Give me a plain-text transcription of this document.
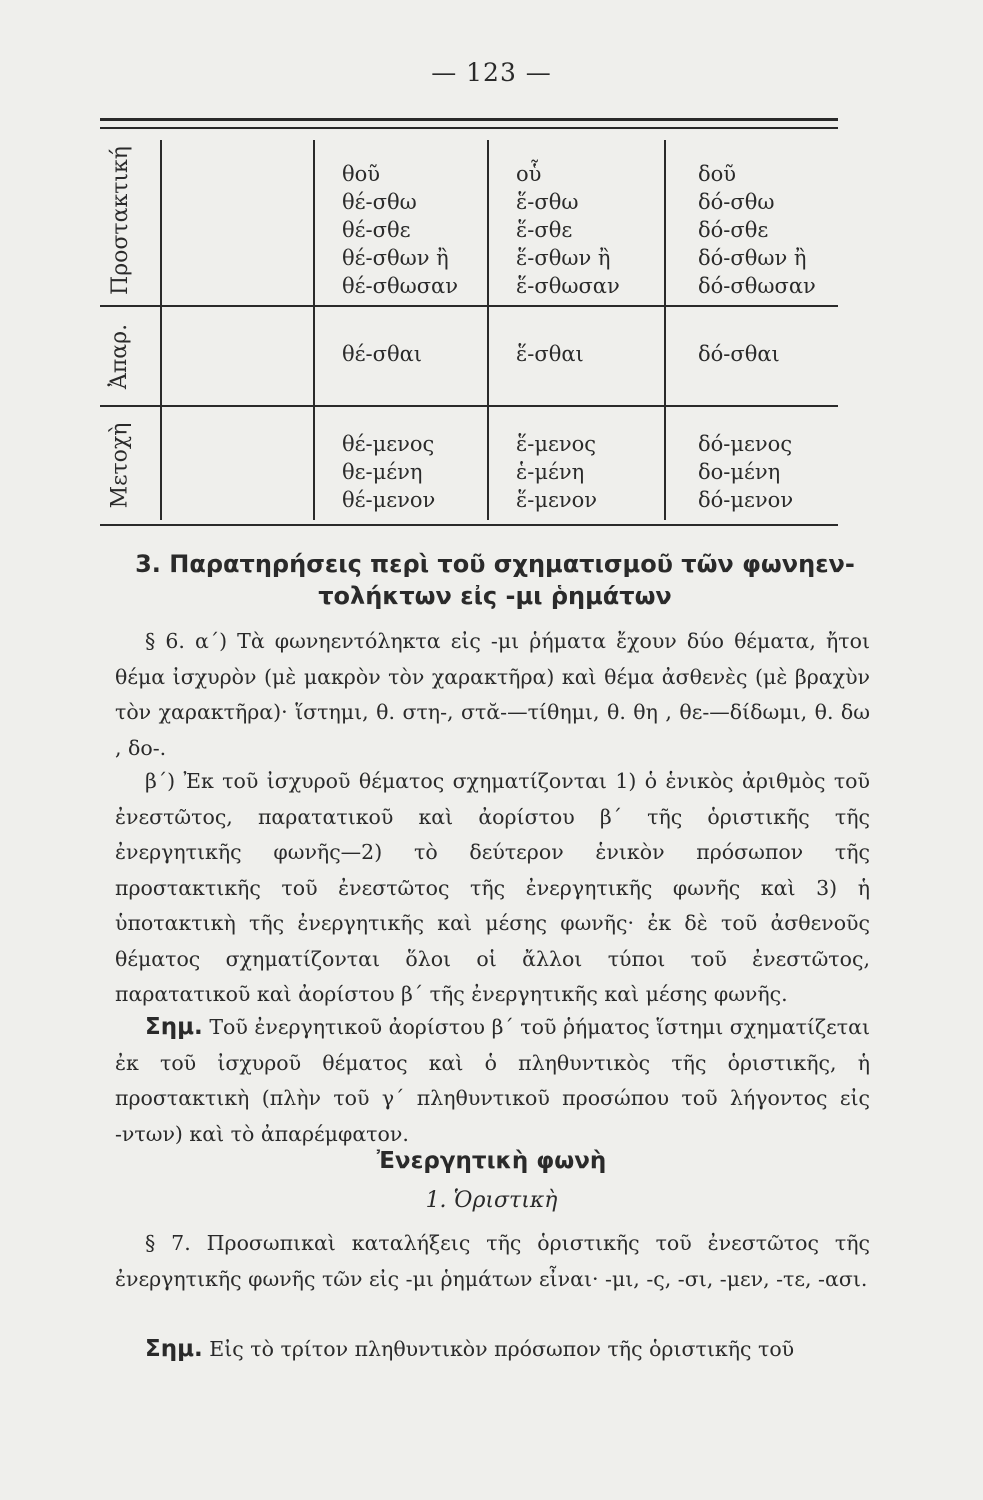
— 123 —
Προστακτική
Ἀπαρ.
Μετοχὴ
θοῦ
θέ-σθω
θέ-σθε
θέ-σθων ἢ
θέ-σθωσαν
οὗ
ἕ-σθω
ἕ-σθε
ἕ-σθων ἢ
ἕ-σθωσαν
δοῦ
δό-σθω
δό-σθε
δό-σθων ἢ
δό-σθωσαν
θέ-σθαι	ἕ-σθαι	δό-σθαι
θέ-μενος
θε-μένη
θέ-μενον
ἕ-μενος
ἑ-μένη
ἕ-μενον
δό-μενος
δο-μένη
δό-μενον
3. Παρατηρήσεις περὶ τοῦ σχηματισμοῦ τῶν φωνηεν-
τολήκτων εἰς -μι ῥημάτων
§ 6. α΄) Τὰ φωνηεντόληκτα εἰς -μι ῥήματα ἔχουν δύο θέματα, ἤτοι θέμα ἰσχυρὸν (μὲ μακρὸν τὸν χαρακτῆρα) καὶ θέμα ἀσθενὲς (μὲ βραχὺν τὸν χαρακτῆρα)· ἵστημι, θ. στη-, στᾰ-—τίθημι, θ. θη , θε-—δίδωμι, θ. δω , δο-.
β΄) Ἐκ τοῦ ἰσχυροῦ θέματος σχηματίζονται 1) ὁ ἑνικὸς ἀριθμὸς τοῦ ἐνεστῶτος, παρατατικοῦ καὶ ἀορίστου β΄ τῆς ὁριστικῆς τῆς ἐνεργητικῆς φωνῆς—2) τὸ δεύτερον ἑνικὸν πρόσωπον τῆς προστακτικῆς τοῦ ἐνεστῶτος τῆς ἐνεργητικῆς φωνῆς καὶ 3) ἡ ὑποτακτικὴ τῆς ἐνεργητικῆς καὶ μέσης φωνῆς· ἐκ δὲ τοῦ ἀσθενοῦς θέματος σχηματίζονται ὅλοι οἱ ἄλλοι τύποι τοῦ ἐνεστῶτος, παρατατικοῦ καὶ ἀορίστου β΄ τῆς ἐνεργητικῆς καὶ μέσης φωνῆς.
Σημ. Τοῦ ἐνεργητικοῦ ἀορίστου β΄ τοῦ ῥήματος ἵστημι σχηματίζεται ἐκ τοῦ ἰσχυροῦ θέματος καὶ ὁ πληθυντικὸς τῆς ὁριστικῆς, ἡ προστακτικὴ (πλὴν τοῦ γ΄ πληθυντικοῦ προσώπου τοῦ λήγοντος εἰς -ντων) καὶ τὸ ἀπαρέμφατον.
Ἐνεργητικὴ φωνὴ
1. Ὁριστικὴ
§ 7. Προσωπικαὶ καταλήξεις τῆς ὁριστικῆς τοῦ ἐνεστῶτος τῆς ἐνεργητικῆς φωνῆς τῶν εἰς -μι ῥημάτων εἶναι· -μι, -ς, -σι, -μεν, -τε, -ασι.
Σημ. Εἰς τὸ τρίτον πληθυντικὸν πρόσωπον τῆς ὁριστικῆς τοῦ
